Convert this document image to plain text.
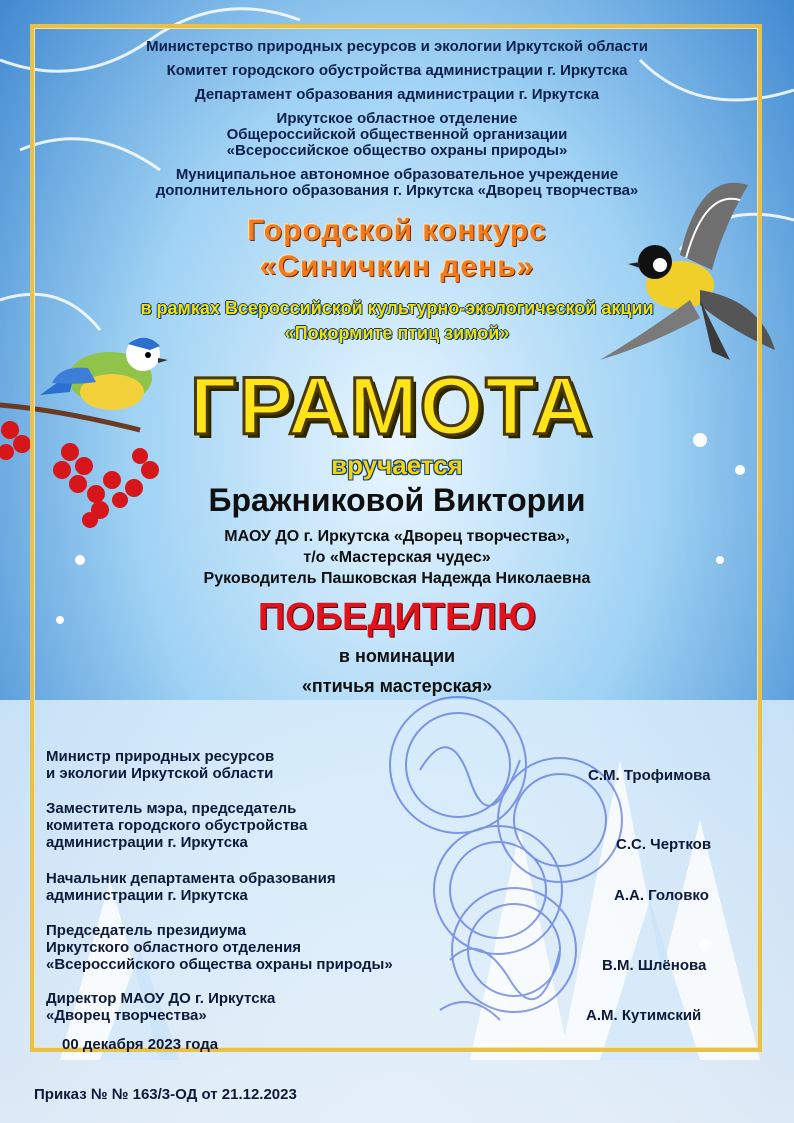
Министерство природных ресурсов и экологии Иркутской области
Комитет городского обустройства администрации г. Иркутска
Департамент образования администрации г. Иркутска
Иркутское областное отделение
Общероссийской общественной организации
«Всероссийское общество охраны природы»
Муниципальное автономное образовательное учреждение
дополнительного образования г. Иркутска «Дворец творчества»
Городской конкурс
«Синичкин день»
в рамках Всероссийской культурно-экологической акции
«Покормите птиц зимой»
ГРАМОТА
вручается
Бражниковой Виктории
МАОУ ДО г. Иркутска «Дворец творчества»,
т/о «Мастерская чудес»
Руководитель Пашковская Надежда Николаевна
ПОБЕДИТЕЛЮ
в номинации
«птичья мастерская»
Министр природных ресурсов
и экологии Иркутской области	С.М. Трофимова
Заместитель мэра, председатель
комитета городского обустройства
администрации г. Иркутска	С.С. Чертков
Начальник департамента образования
администрации г. Иркутска	А.А. Головко
Председатель президиума
Иркутского областного отделения
«Всероссийского общества охраны природы»	В.М. Шлёнова
Директор МАОУ ДО г. Иркутска
«Дворец творчества»	А.М. Кутимский
00 декабря 2023 года
Приказ № № 163/3-ОД от 21.12.2023
